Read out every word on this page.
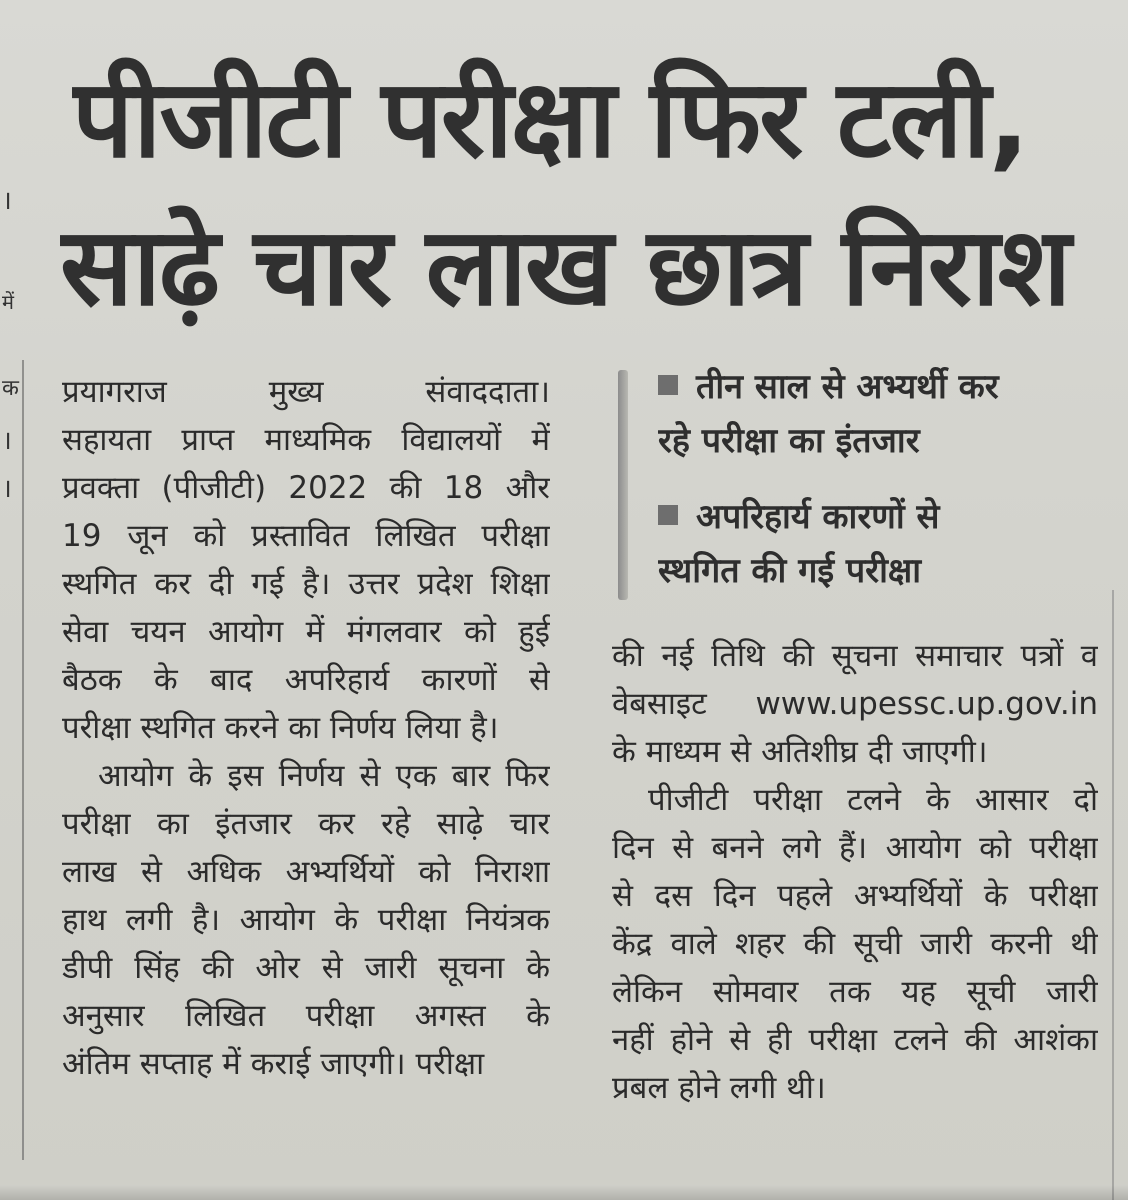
।
में
क
।
।
पीजीटी परीक्षा फिर टली,
साढ़े चार लाख छात्र निराश
प्रयागराज मुख्य संवाददाता।
सहायता प्राप्त माध्यमिक विद्यालयों में
प्रवक्ता (पीजीटी) 2022 की 18 और
19 जून को प्रस्तावित लिखित परीक्षा
स्थगित कर दी गई है। उत्तर प्रदेश शिक्षा
सेवा चयन आयोग में मंगलवार को हुई
बैठक के बाद अपरिहार्य कारणों से
परीक्षा स्थगित करने का निर्णय लिया है।
आयोग के इस निर्णय से एक बार फिर
परीक्षा का इंतजार कर रहे साढ़े चार
लाख से अधिक अभ्यर्थियों को निराशा
हाथ लगी है। आयोग के परीक्षा नियंत्रक
डीपी सिंह की ओर से जारी सूचना के
अनुसार लिखित परीक्षा अगस्त के
अंतिम सप्ताह में कराई जाएगी। परीक्षा
तीन साल से अभ्यर्थी कर
रहे परीक्षा का इंतजार
अपरिहार्य कारणों से
स्थगित की गई परीक्षा
की नई तिथि की सूचना समाचार पत्रों व
वेबसाइट www.upessc.up.gov.in
के माध्यम से अतिशीघ्र दी जाएगी।
पीजीटी परीक्षा टलने के आसार दो
दिन से बनने लगे हैं। आयोग को परीक्षा
से दस दिन पहले अभ्यर्थियों के परीक्षा
केंद्र वाले शहर की सूची जारी करनी थी
लेकिन सोमवार तक यह सूची जारी
नहीं होने से ही परीक्षा टलने की आशंका
प्रबल होने लगी थी।
